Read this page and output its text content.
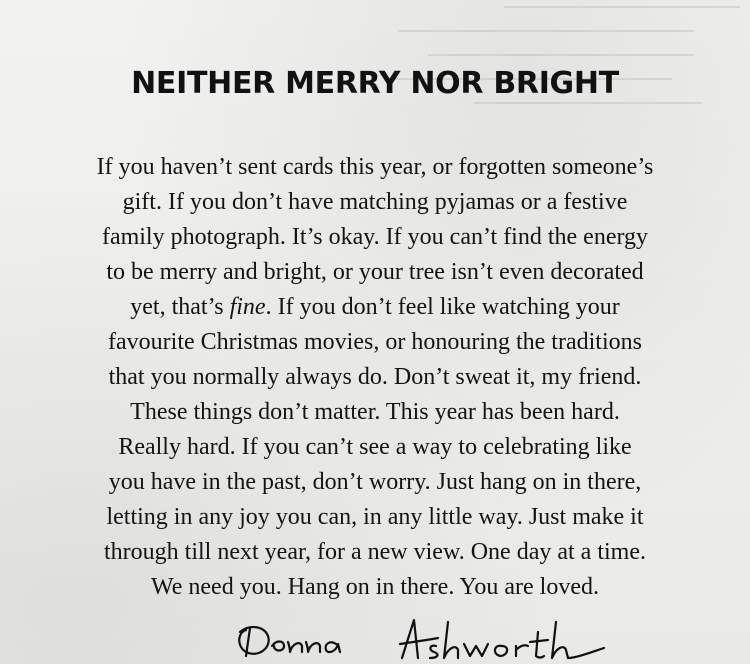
NEITHER MERRY NOR BRIGHT
If you haven’t sent cards this year, or forgotten someone’s
gift. If you don’t have matching pyjamas or a festive
family photograph. It’s okay. If you can’t find the energy
to be merry and bright, or your tree isn’t even decorated
yet, that’s fine. If you don’t feel like watching your
favourite Christmas movies, or honouring the traditions
that you normally always do. Don’t sweat it, my friend.
These things don’t matter. This year has been hard.
Really hard. If you can’t see a way to celebrating like
you have in the past, don’t worry. Just hang on in there,
letting in any joy you can, in any little way. Just make it
through till next year, for a new view. One day at a time.
We need you. Hang on in there. You are loved.
